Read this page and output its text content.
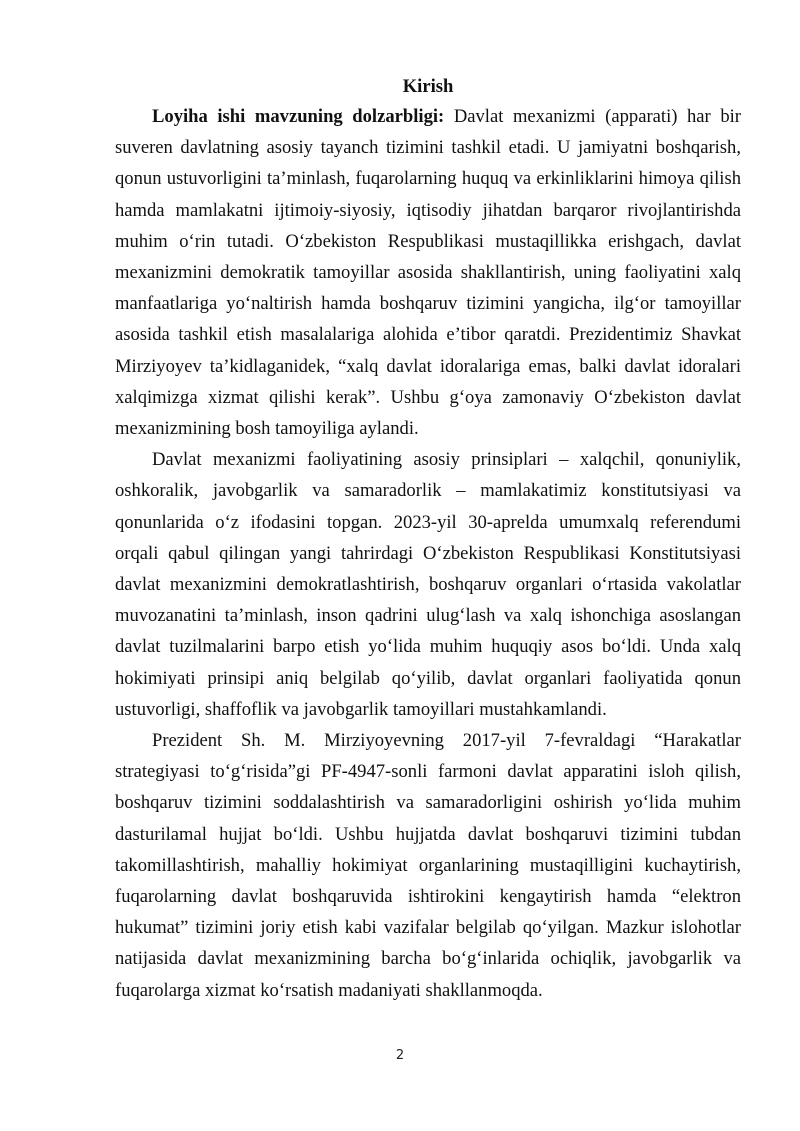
Kirish

Loyiha ishi mavzuning dolzarbligi: Davlat mexanizmi (apparati) har bir suveren davlatning asosiy tayanch tizimini tashkil etadi. U jamiyatni boshqarish, qonun ustuvorligini ta’minlash, fuqarolarning huquq va erkinliklarini himoya qilish hamda mamlakatni ijtimoiy-siyosiy, iqtisodiy jihatdan barqaror rivojlantirishda muhim o‘rin tutadi. O‘zbekiston Respublikasi mustaqillikka erishgach, davlat mexanizmini demokratik tamoyillar asosida shakllantirish, uning faoliyatini xalq manfaatlariga yo‘naltirish hamda boshqaruv tizimini yangicha, ilg‘or tamoyillar asosida tashkil etish masalalariga alohida e’tibor qaratdi. Prezidentimiz Shavkat Mirziyoyev ta’kidlaganidek, “xalq davlat idoralariga emas, balki davlat idoralari xalqimizga xizmat qilishi kerak”. Ushbu g‘oya zamonaviy O‘zbekiston davlat mexanizmining bosh tamoyiliga aylandi.

Davlat mexanizmi faoliyatining asosiy prinsiplari – xalqchil, qonuniylik, oshkoralik, javobgarlik va samaradorlik – mamlakatimiz konstitutsiyasi va qonunlarida o‘z ifodasini topgan. 2023-yil 30-aprelda umumxalq referendumi orqali qabul qilingan yangi tahrirdagi O‘zbekiston Respublikasi Konstitutsiyasi davlat mexanizmini demokratlashtirish, boshqaruv organlari o‘rtasida vakolatlar muvozanatini ta’minlash, inson qadrini ulug‘lash va xalq ishonchiga asoslangan davlat tuzilmalarini barpo etish yo‘lida muhim huquqiy asos bo‘ldi. Unda xalq hokimiyati prinsipi aniq belgilab qo‘yilib, davlat organlari faoliyatida qonun ustuvorligi, shaffoflik va javobgarlik tamoyillari mustahkamlandi.

Prezident Sh. M. Mirziyoyevning 2017-yil 7-fevraldagi “Harakatlar strategiyasi to‘g‘risida”gi PF-4947-sonli farmoni davlat apparatini isloh qilish, boshqaruv tizimini soddalashtirish va samaradorligini oshirish yo‘lida muhim dasturilamal hujjat bo‘ldi. Ushbu hujjatda davlat boshqaruvi tizimini tubdan takomillashtirish, mahalliy hokimiyat organlarining mustaqilligini kuchaytirish, fuqarolarning davlat boshqaruvida ishtirokini kengaytirish hamda “elektron hukumat” tizimini joriy etish kabi vazifalar belgilab qo‘yilgan. Mazkur islohotlar natijasida davlat mexanizmining barcha bo‘g‘inlarida ochiqlik, javobgarlik va fuqarolarga xizmat ko‘rsatish madaniyati shakllanmoqda.

2
